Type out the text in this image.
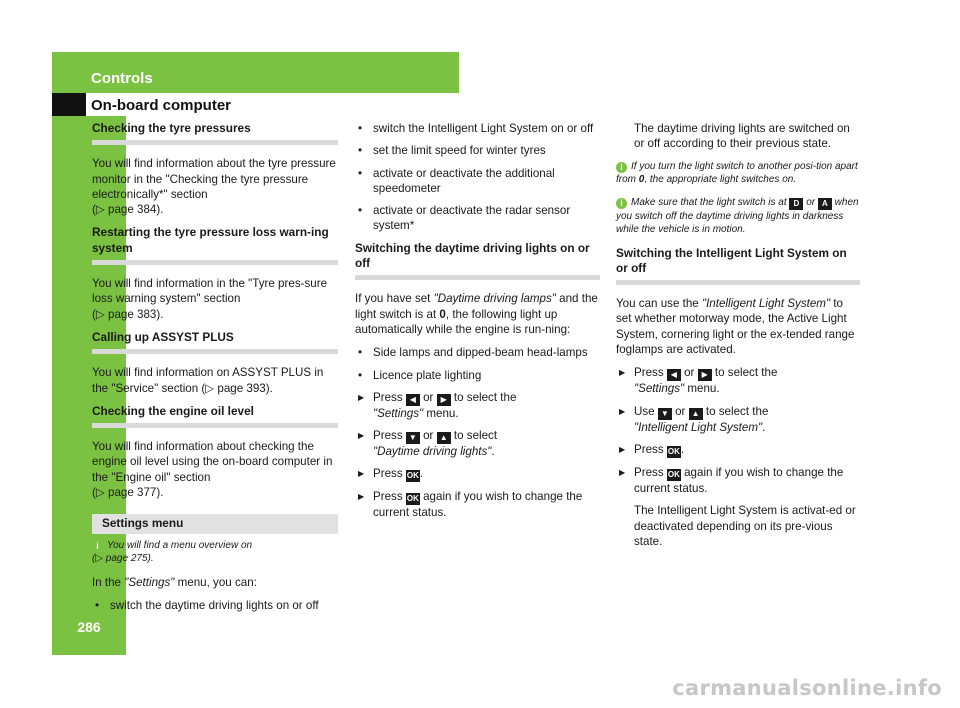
Controls
On-board computer
286
Checking the tyre pressures

You will find information about the tyre pressure monitor in the "Checking the tyre pressure electronically*" section
(▷ page 384).

Restarting the tyre pressure loss warn-ing system

You will find information in the "Tyre pres-sure loss warning system" section
(▷ page 383).

Calling up ASSYST PLUS

You will find information on ASSYST PLUS in the "Service" section (▷ page 393).

Checking the engine oil level

You will find information about checking the engine oil level using the on-board computer in the "Engine oil" section
(▷ page 377).

Settings menu
i You will find a menu overview on
(▷ page 275).

In the "Settings" menu, you can:

• switch the daytime driving lights on or off
• switch the Intelligent Light System on or off
• set the limit speed for winter tyres
• activate or deactivate the additional speedometer
• activate or deactivate the radar sensor system*
Switching the daytime driving lights on or off

If you have set "Daytime driving lamps" and the light switch is at 0, the following light up automatically while the engine is run-ning:

• Side lamps and dipped-beam head-lamps
• Licence plate lighting
▶ Press ◀ or ▶ to select the
"Settings" menu.
▶ Press ▼ or ▲ to select
"Daytime driving lights".
▶ Press OK.
▶ Press OK again if you wish to change the current status.

The daytime driving lights are switched on or off according to their previous state.

i If you turn the light switch to another posi-tion apart from 0, the appropriate light switches on.
i Make sure that the light switch is at D or A when you switch off the daytime driving lights in darkness while the vehicle is in motion.
Switching the Intelligent Light System on or off

You can use the "Intelligent Light System" to set whether motorway mode, the Active Light System, cornering light or the ex-tended range foglamps are activated.

▶ Press ◀ or ▶ to select the
"Settings" menu.
▶ Use ▼ or ▲ to select the
"Intelligent Light System".
▶ Press OK.
▶ Press OK again if you wish to change the current status.

The Intelligent Light System is activat-ed or deactivated depending on its pre-vious state.

carmanualsonline.info
